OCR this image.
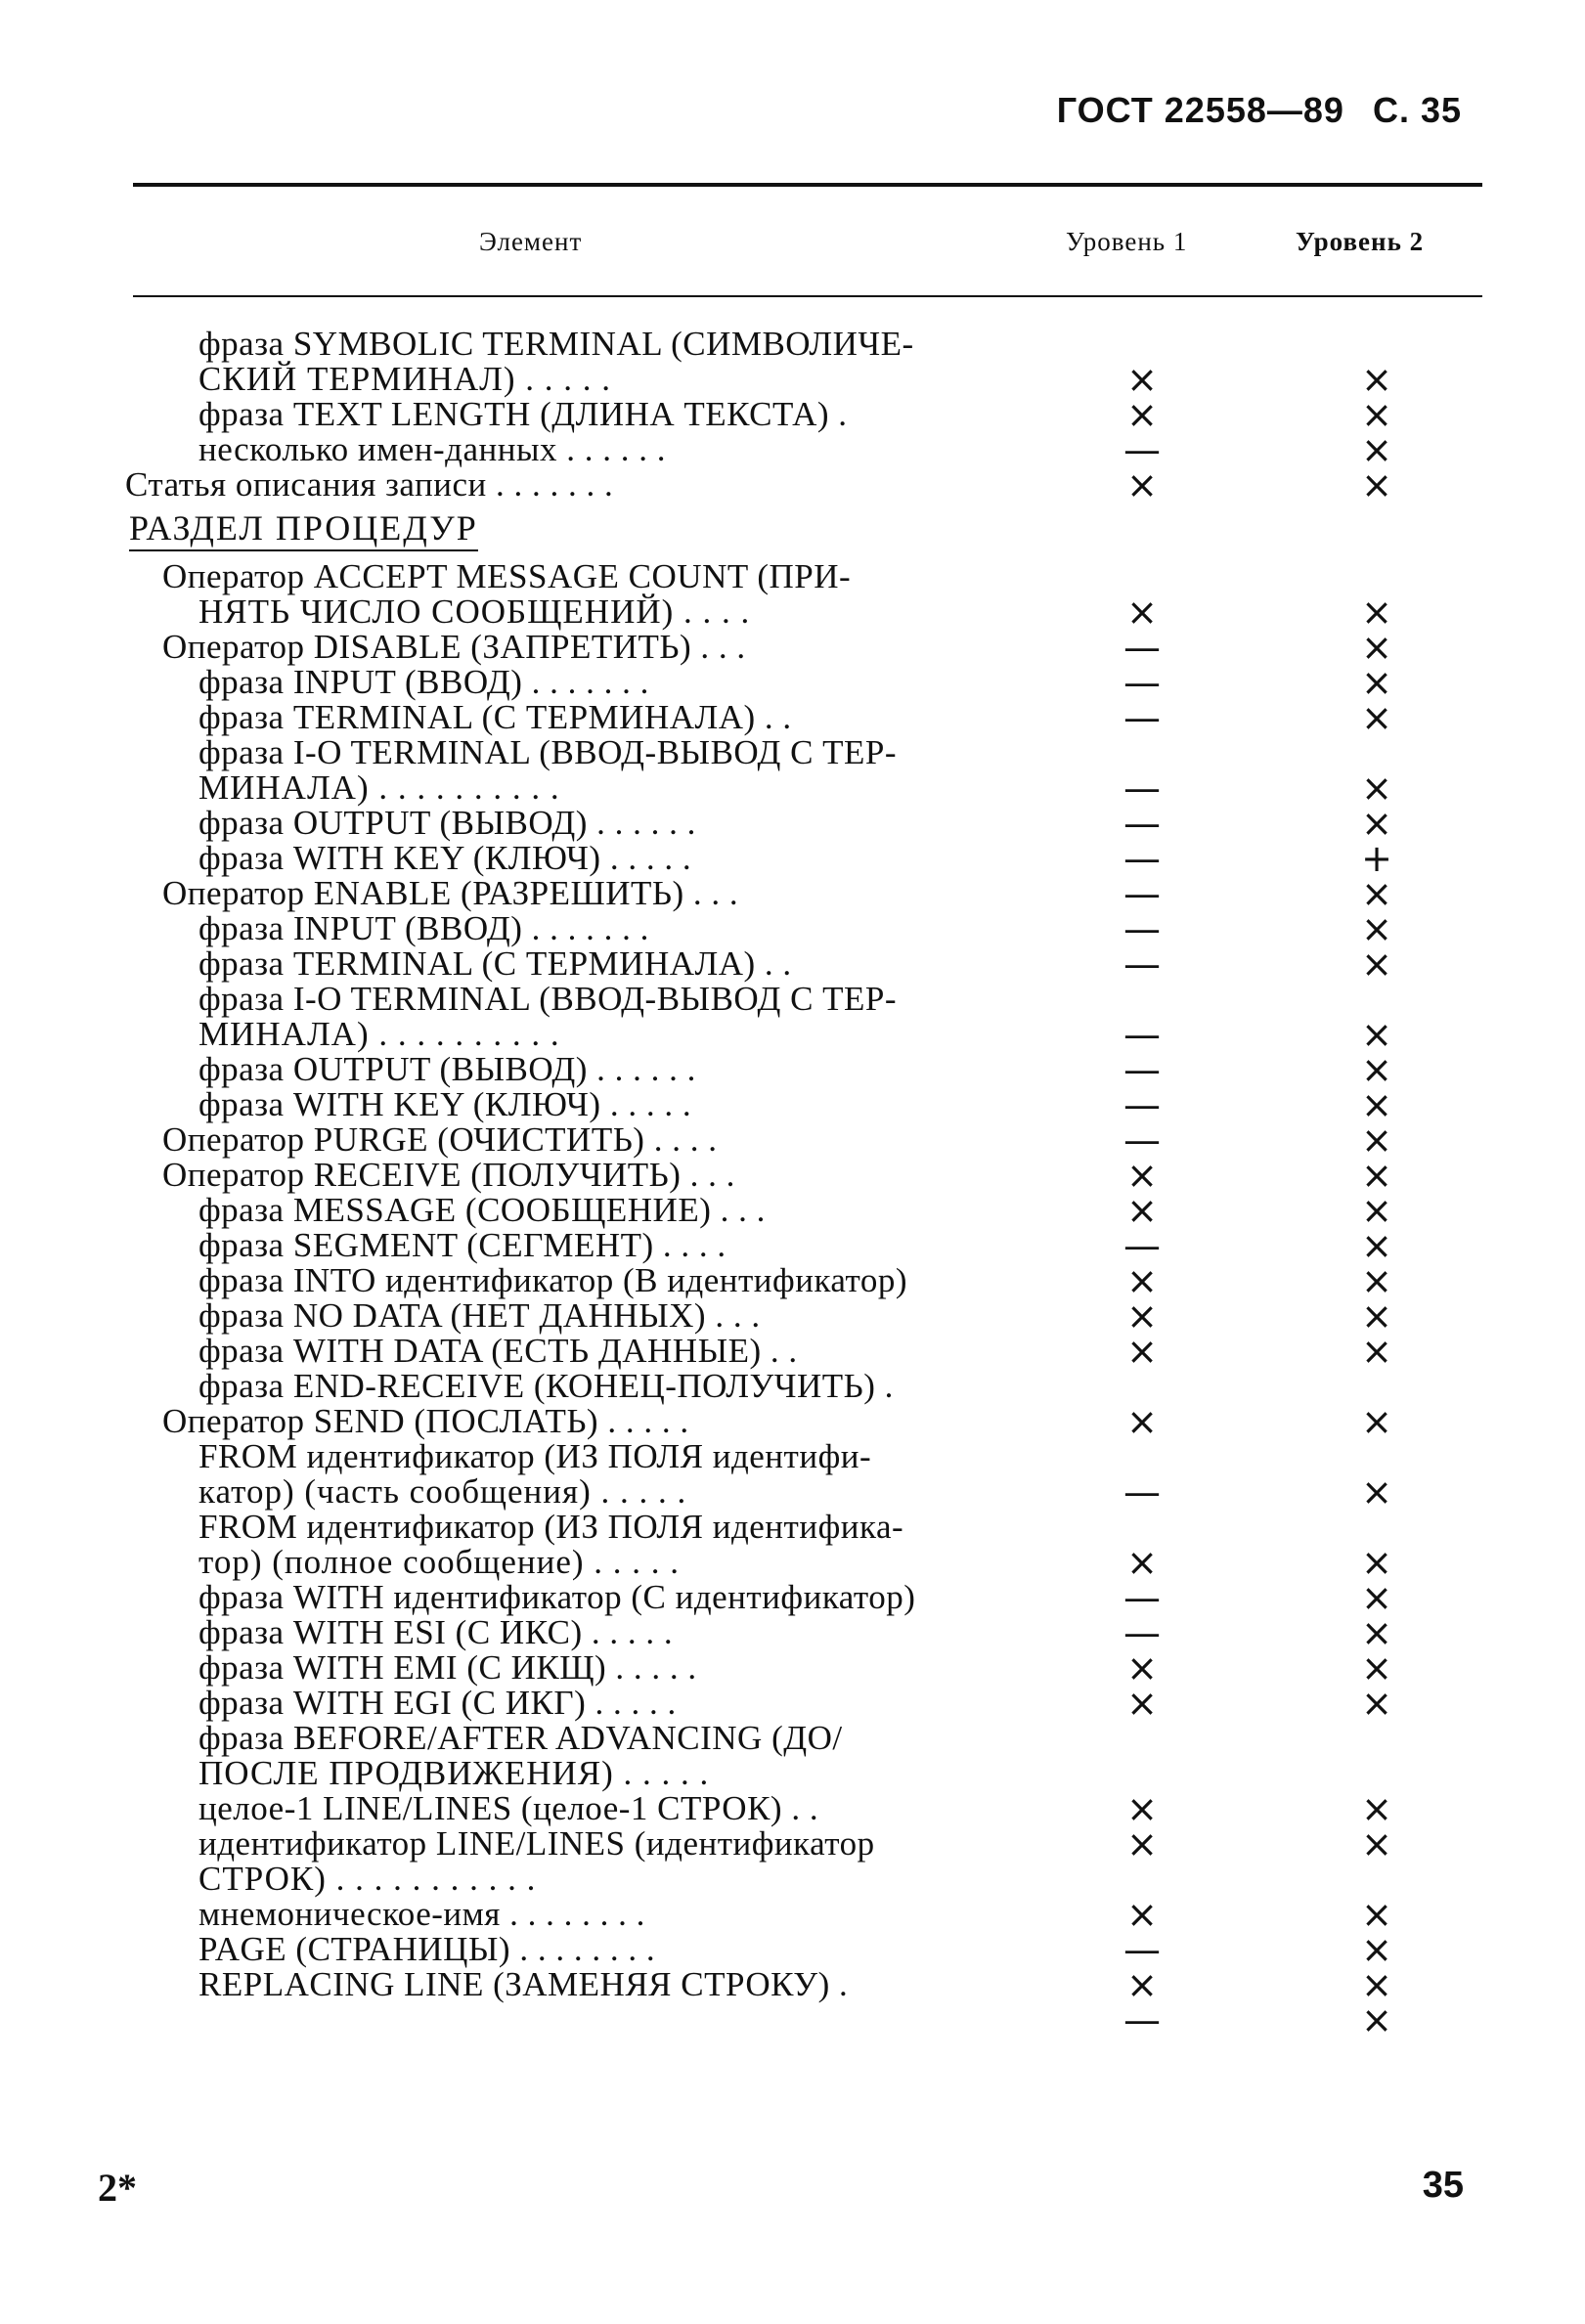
ГОСТ 22558—89 С. 35
Элемент	Уровень 1	Уровень 2
фраза SYMBOLIC TERMINAL (СИМВОЛИЧЕ-
СКИЙ ТЕРМИНАЛ) . . . . .	×	×
фраза TEXT LENGTH (ДЛИНА ТЕКСТА) .	×	×
несколько имен-данных . . . . . .	—	×
Статья описания записи . . . . . . .	×	×
РАЗДЕЛ ПРОЦЕДУР
Оператор ACCEPT MESSAGE COUNT (ПРИ-
НЯТЬ ЧИСЛО СООБЩЕНИЙ) . . . .	×	×
Оператор DISABLE (ЗАПРЕТИТЬ) . . .	—	×
фраза INPUT (ВВОД) . . . . . . .	—	×
фраза TERMINAL (С ТЕРМИНАЛА) . .	—	×
фраза I-O TERMINAL (ВВОД-ВЫВОД С ТЕР-
МИНАЛА) . . . . . . . . . .	—	×
фраза OUTPUT (ВЫВОД) . . . . . .	—	×
фраза WITH KEY (КЛЮЧ) . . . . .	—	+
Оператор ENABLE (РАЗРЕШИТЬ) . . .	—	×
фраза INPUT (ВВОД) . . . . . . .	—	×
фраза TERMINAL (С ТЕРМИНАЛА) . .	—	×
фраза I-O TERMINAL (ВВОД-ВЫВОД С ТЕР-
МИНАЛА) . . . . . . . . . .	—	×
фраза OUTPUT (ВЫВОД) . . . . . .	—	×
фраза WITH KEY (КЛЮЧ) . . . . .	—	×
Оператор PURGE (ОЧИСТИТЬ) . . . .	—	×
Оператор RECEIVE (ПОЛУЧИТЬ) . . .	×	×
фраза MESSAGE (СООБЩЕНИЕ) . . .	×	×
фраза SEGMENT (СЕГМЕНТ) . . . .	—	×
фраза INTO идентификатор (В идентификатор)	×	×
фраза NO DATA (НЕТ ДАННЫХ) . . .	×	×
фраза WITH DATA (ЕСТЬ ДАННЫЕ) . .	×	×
фраза END-RECEIVE (КОНЕЦ-ПОЛУЧИТЬ) .
Оператор SEND (ПОСЛАТЬ) . . . . .	×	×
FROM идентификатор (ИЗ ПОЛЯ идентифи-
катор) (часть сообщения) . . . . .	—	×
FROM идентификатор (ИЗ ПОЛЯ идентифика-
тор) (полное сообщение) . . . . .	×	×
фраза WITH идентификатор (С идентификатор)	—	×
фраза WITH ESI (С ИКС) . . . . .	—	×
фраза WITH EMI (С ИКЩ) . . . . .	×	×
фраза WITH EGI (С ИКГ) . . . . .	×	×
фраза BEFORE/AFTER ADVANCING (ДО/
ПОСЛЕ ПРОДВИЖЕНИЯ) . . . . .
целое-1 LINE/LINES (целое-1 СТРОК) . .	×	×
идентификатор LINE/LINES (идентификатор	×	×
СТРОК) . . . . . . . . . . .
мнемоническое-имя . . . . . . . .	×	×
PAGE (СТРАНИЦЫ) . . . . . . . .	—	×
REPLACING LINE (ЗАМЕНЯЯ СТРОКУ) .	×	×
—	×
2*	35
